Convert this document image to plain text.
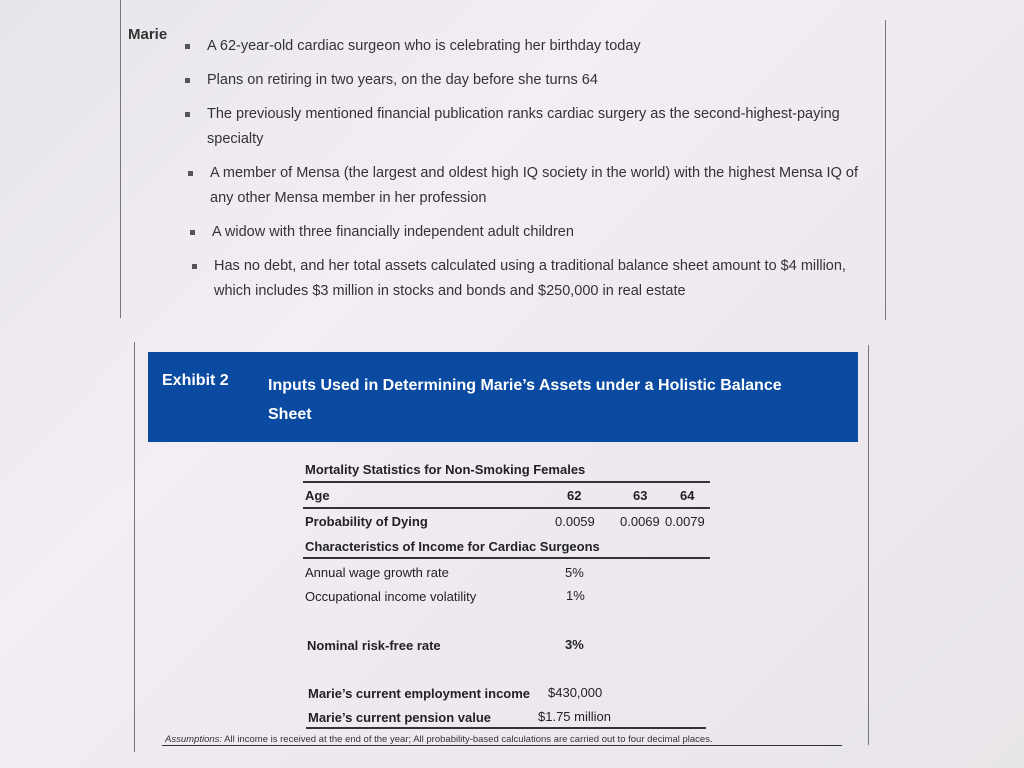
Marie
A 62-year-old cardiac surgeon who is celebrating her birthday today
Plans on retiring in two years, on the day before she turns 64
The previously mentioned financial publication ranks cardiac surgery as the second-highest-paying specialty
A member of Mensa (the largest and oldest high IQ society in the world) with the highest Mensa IQ of any other Mensa member in her profession
A widow with three financially independent adult children
Has no debt, and her total assets calculated using a traditional balance sheet amount to $4 million, which includes $3 million in stocks and bonds and $250,000 in real estate
Exhibit 2 Inputs Used in Determining Marie’s Assets under a Holistic Balance Sheet
Mortality Statistics for Non-Smoking Females
Age	62	63	64
Probability of Dying	0.0059 0.0069 0.0079
Characteristics of Income for Cardiac Surgeons
Annual wage growth rate	5%
Occupational income volatility	1%
Nominal risk-free rate	3%
Marie’s current employment income $430,000
Marie’s current pension value	$1.75 million
Assumptions: All income is received at the end of the year; All probability-based calculations are carried out to four decimal places.
